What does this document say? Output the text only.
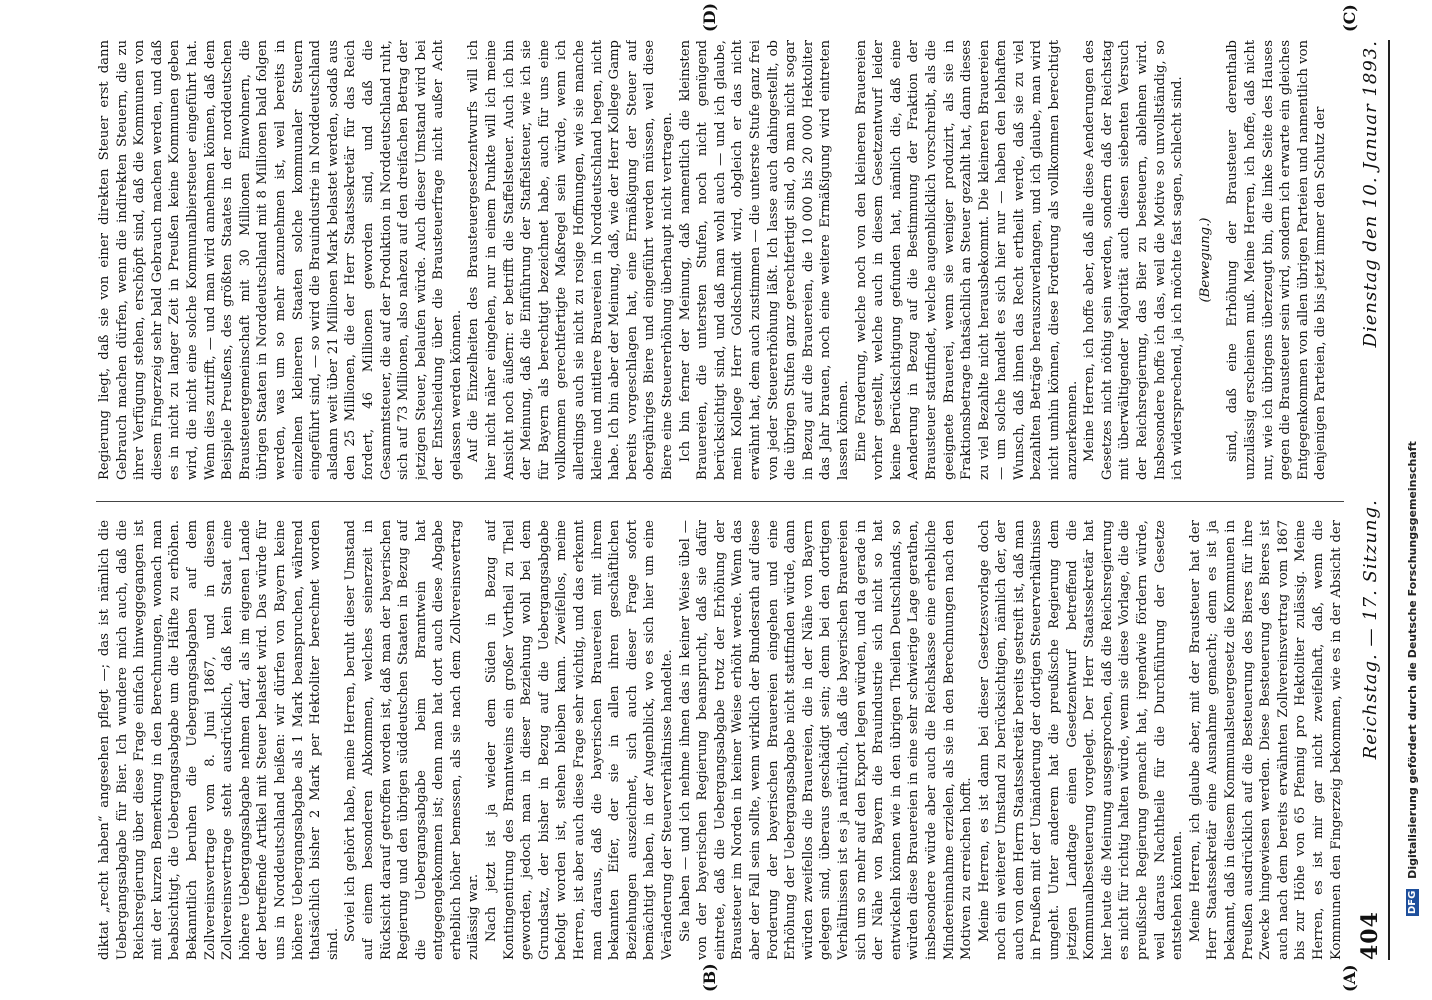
404
Reichstag. — 17. Sitzung.
Dienstag den 10. Januar 1893.

diktat „recht haben“ angesehen pflegt —; das ist nämlich die Uebergangsabgabe für Bier. Ich wundere mich auch, daß die Reichsregierung über diese Frage einfach hinweggegangen ist mit der kurzen Bemerkung in den Berechnungen, wonach man beabsichtigt, die Uebergangsabgabe um die Hälfte zu erhöhen. Bekanntlich beruhen die Uebergangsabgaben auf dem Zollvereinsvertrage vom 8. Juni 1867, und in diesem Zollvereinsvertrage steht ausdrücklich, daß kein Staat eine höhere Uebergangsabgabe nehmen darf, als im eigenen Lande der betreffende Artikel mit Steuer belastet wird. Das würde für uns in Norddeutschland heißen: wir dürfen von Bayern keine höhere Uebergangsabgabe als 1 Mark beanspruchen, während thatsächlich bisher 2 Mark per Hektoliter berechnet worden sind.

Soviel ich gehört habe, meine Herren, beruht dieser Umstand auf einem besonderen Abkommen, welches seinerzeit in Rücksicht darauf getroffen worden ist, daß man der bayerischen Regierung und den übrigen süddeutschen Staaten in Bezug auf die Uebergangsabgabe beim Branntwein hat entgegengekommen ist; denn man hat dort auch diese Abgabe erheblich höher bemessen, als sie nach dem Zollvereinsvertrag zulässig war. Nach jetzt ist ja wieder dem Süden in Bezug auf Kontingentirung des Branntweins ein großer Vortheil zu Theil geworden, jedoch man in dieser Beziehung wohl bei dem Grundsatz, der bisher in Bezug auf die Uebergangsabgabe befolgt worden ist, stehen bleiben kann. Zweifellos, meine Herren, ist aber auch diese Frage sehr wichtig, und das erkennt man daraus, daß die bayerischen Brauereien mit ihrem bekannten Eifer, der sie in allen ihren geschäftlichen Beziehungen auszeichnet, sich auch dieser Frage sofort bemächtigt haben, in der Augenblick, wo es sich hier um eine Veränderung der Steuerverhältnisse handelte. Sie haben — und ich nehme ihnen das in keiner Weise übel — von der bayerischen Regierung beansprucht, daß sie dafür eintrete, daß die Uebergangsabgabe trotz der Erhöhung der Brausteuer im Norden in keiner Weise erhöht werde. Wenn das aber der Fall sein sollte, wenn wirklich der Bundesrath auf diese Forderung der bayerischen Brauereien eingehen und eine Erhöhung der Uebergangsabgabe nicht stattfinden würde, dann würden zweifellos die Brauereien, die in der Nähe von Bayern gelegen sind, überaus geschädigt sein; denn bei den dortigen Verhältnissen ist es ja natürlich, daß die bayerischen Brauereien sich um so mehr auf den Export legen würden, und da gerade in der Nähe von Bayern die Brauindustrie sich nicht so hat entwickeln können wie in den übrigen Theilen Deutschlands, so würden diese Brauereien in eine sehr schwierige Lage gerathen, insbesondere würde aber auch die Reichskasse eine erhebliche Mindereinnahme erzielen, als sie in den Berechnungen nach den Motiven zu erreichen hofft. Meine Herren, es ist dann bei dieser Gesetzesvorlage doch noch ein weiterer Umstand zu berücksichtigen, nämlich der, der auch von dem Herrn Staatssekretär bereits gestreift ist, daß man in Preußen mit der Umänderung der dortigen Steuerverhältnisse umgeht. Unter anderem hat die preußische Regierung dem jetzigen Landtage einen Gesetzentwurf betreffend die Kommunalbesteuerung vorgelegt. Der Herr Staatssekretär hat hier heute die Meinung ausgesprochen, daß die Reichsregierung es nicht für richtig halten würde, wenn sie diese Vorlage, die die preußische Regierung gemacht hat, irgendwie fördern würde, weil daraus Nachtheile für die Durchführung der Gesetze entstehen könnten. Meine Herren, ich glaube aber, mit der Brausteuer hat der Herr Staatssekretär eine Ausnahme gemacht; denn es ist ja bekannt, daß in diesem Kommunalsteuergesetz die Kommunen in Preußen ausdrücklich auf die Besteuerung des Bieres für ihre Zwecke hingewiesen werden. Diese Besteuerung des Bieres ist auch nach dem bereits erwähnten Zollvereinsvertrag vom 1867 bis zur Höhe von 65 Pfennig pro Hektoliter zulässig. Meine Herren, es ist mir gar nicht zweifelhaft, daß, wenn die Kommunen den Fingerzeig bekommen, wie es in der Absicht der

Regierung liegt, daß sie von einer direkten Steuer erst dann Gebrauch machen dürfen, wenn die indirekten Steuern, die zu ihrer Verfügung stehen, erschöpft sind, daß die Kommunen von diesem Fingerzeig sehr bald Gebrauch machen werden, und daß es in nicht zu langer Zeit in Preußen keine Kommunen geben wird, die nicht eine solche Kommunalbiersteuer eingeführt hat. Wenn dies zutrifft, — und man wird annehmen können, daß dem Beispiele Preußens, des größten Staates in der norddeutschen Brausteuergemeinschaft mit 30 Millionen Einwohnern, die übrigen Staaten in Norddeutschland mit 8 Millionen bald folgen werden, was um so mehr anzunehmen ist, weil bereits in einzelnen kleineren Staaten solche kommunaler Steuern eingeführt sind, — so wird die Brauindustrie in Norddeutschland alsdann weit über 21 Millionen Mark belastet werden, sodaß aus den 25 Millionen, die der Herr Staatssekretär für das Reich fordert, 46 Millionen geworden sind, und daß die Gesammtsteuer, die auf der Produktion in Norddeutschland ruht, sich auf 73 Millionen, also nahezu auf den dreifachen Betrag der jetzigen Steuer, belaufen würde. Auch dieser Umstand wird bei der Entscheidung über die Brausteuerfrage nicht außer Acht gelassen werden können. Auf die Einzelheiten des Brausteuergesetzentwurfs will ich hier nicht näher eingehen, nur in einem Punkte will ich meine Ansicht noch äußern: er betrifft die Staffelsteuer. Auch ich bin der Meinung, daß die Einführung der Staffelsteuer, wie ich sie für Bayern als berechtigt bezeichnet habe, auch für uns eine vollkommen gerechtfertigte Maßregel sein würde, wenn ich allerdings auch sie nicht zu rosige Hoffnungen, wie sie manche kleine und mittlere Brauereien in Norddeutschland hegen, nicht habe. Ich bin aber der Meinung, daß, wie der Herr Kollege Gamp bereits vorgeschlagen hat, eine Ermäßigung der Steuer auf obergähriges Biere und eingeführt werden müssen, weil diese Biere eine Steuererhöhung überhaupt nicht vertragen. Ich bin ferner der Meinung, daß namentlich die kleinsten Brauereien, die untersten Stufen, noch nicht genügend berücksichtigt sind, und daß man wohl auch — und ich glaube, mein Kollege Herr Goldschmidt wird, obgleich er das nicht erwähnt hat, dem auch zustimmen — die unterste Stufe ganz frei von jeder Steuererhöhung läßt. Ich lasse auch dahingestellt, ob die übrigen Stufen ganz gerechtfertigt sind, ob man nicht sogar in Bezug auf die Brauereien, die 10 000 bis 20 000 Hektoliter das Jahr brauen, noch eine weitere Ermäßigung wird eintreten lassen können. Eine Forderung, welche noch von den kleineren Brauereien vorher gestellt, welche auch in diesem Gesetzentwurf leider keine Berücksichtigung gefunden hat, nämlich die, daß eine Aenderung in Bezug auf die Bestimmung der Fraktion der Brausteuer stattfindet, welche augenblicklich vorschreibt, als die geeignete Brauerei, wenn sie weniger produzirt, als sie in Fraktionsbetrage thatsächlich an Steuer gezahlt hat, dann dieses zu viel Bezahlte nicht herausbekommt. Die kleineren Brauereien — um solche handelt es sich hier nur — haben den lebhaften Wunsch, daß ihnen das Recht ertheilt werde, daß sie zu viel bezahlten Beträge herauszuverlangen, und ich glaube, man wird nicht umhin können, diese Forderung als vollkommen berechtigt anzuerkennen. Meine Herren, ich hoffe aber, daß alle diese Aenderungen des Gesetzes nicht nöthig sein werden, sondern daß der Reichstag mit überwältigender Majorität auch diesen siebenten Versuch der Reichsregierung, das Bier zu besteuern, ablehnen wird. Insbesondere hoffe ich das, weil die Motive so unvollständig, so ich widersprechend, ja ich möchte fast sagen, schlecht sind. (Bewegung.) sind, daß eine Erhöhung der Brausteuer derenthalb unzulässig erscheinen muß. Meine Herren, ich hoffe, daß nicht nur, wie ich übrigens überzeugt bin, die linke Seite des Hauses gegen die Brausteuer sein wird, sondern ich erwarte ein gleiches Entgegenkommen von allen übrigen Parteien und namentlich von denjenigen Parteien, die bis jetzt immer den Schutz der

(A)
(B)
(C)
(D)
DFG Digitalisierung gefördert durch die Deutsche Forschungsgemeinschaft
